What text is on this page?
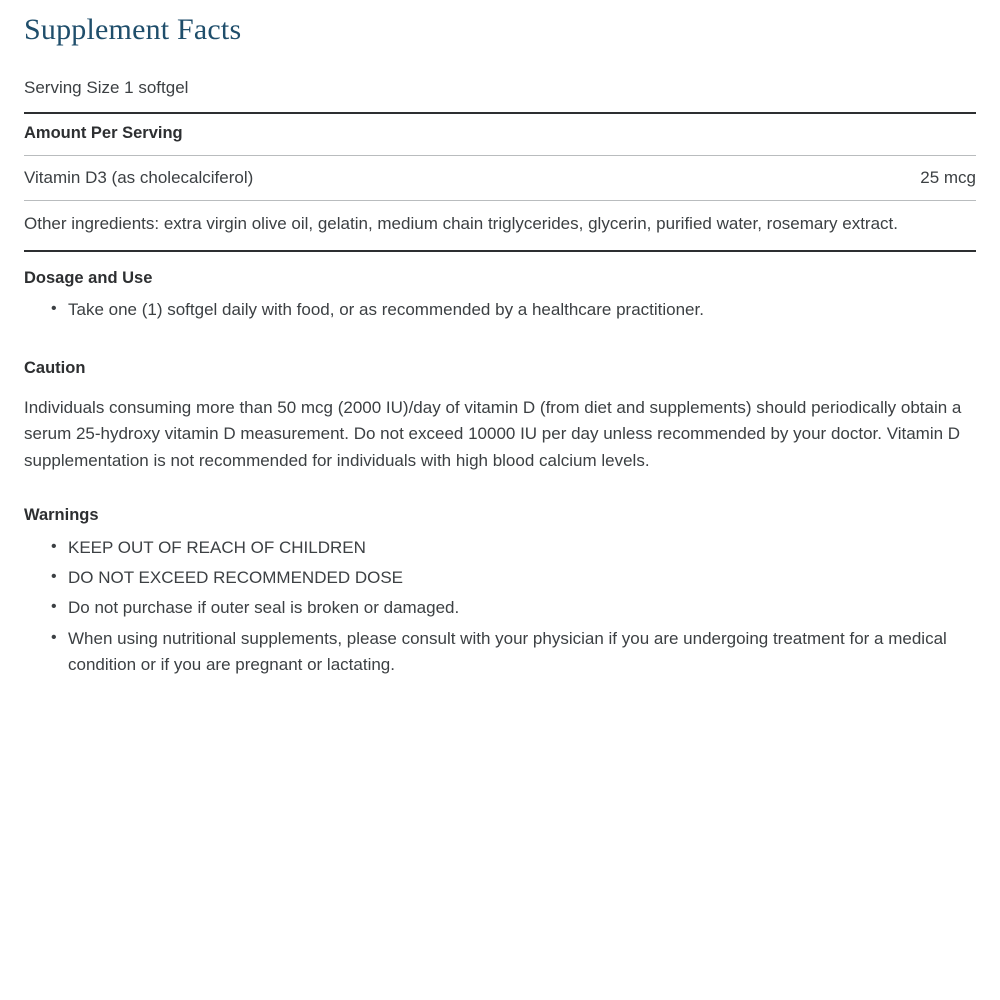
Supplement Facts
Serving Size 1 softgel
Amount Per Serving
Vitamin D3 (as cholecalciferol)	25 mcg
Other ingredients: extra virgin olive oil, gelatin, medium chain triglycerides, glycerin, purified water, rosemary extract.
Dosage and Use
• Take one (1) softgel daily with food, or as recommended by a healthcare practitioner.
Caution
Individuals consuming more than 50 mcg (2000 IU)/day of vitamin D (from diet and supplements) should periodically obtain a serum 25-hydroxy vitamin D measurement. Do not exceed 10000 IU per day unless recommended by your doctor. Vitamin D supplementation is not recommended for individuals with high blood calcium levels.
Warnings
• KEEP OUT OF REACH OF CHILDREN
• DO NOT EXCEED RECOMMENDED DOSE
• Do not purchase if outer seal is broken or damaged.
• When using nutritional supplements, please consult with your physician if you are undergoing treatment for a medical condition or if you are pregnant or lactating.
